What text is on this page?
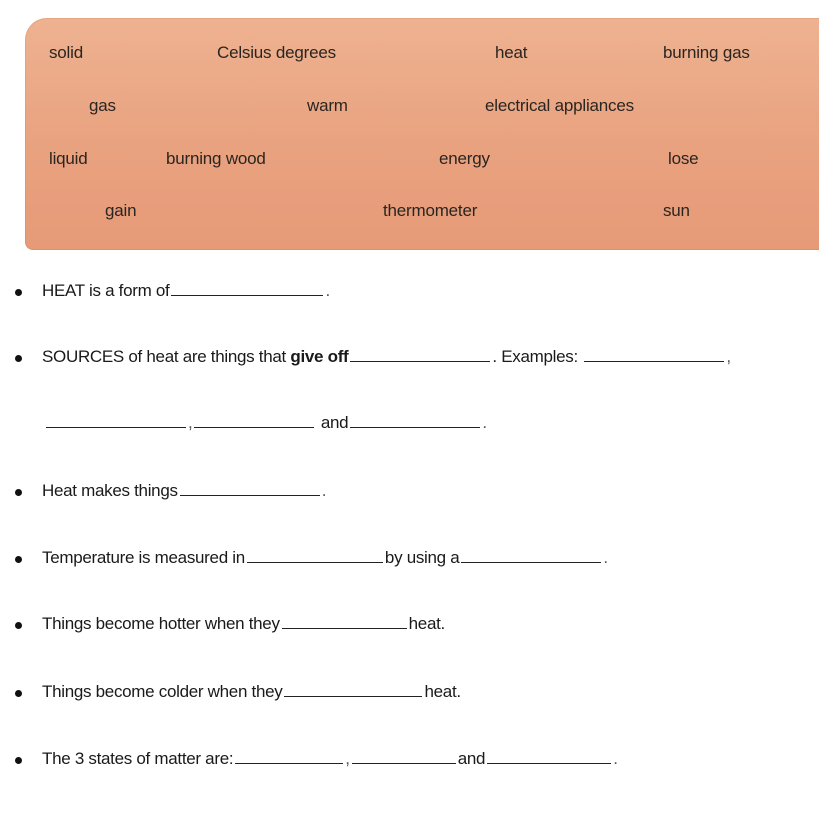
solid	Celsius degrees	heat	burning gas
gas	warm	electrical appliances
liquid	burning wood	energy	lose
gain	thermometer	sun
HEAT is a form of	.
SOURCES of heat are things that give off	. Examples:	,
,	and	.
Heat makes things	.
Temperature is measured in	by using a	.
Things become hotter when they	heat.
Things become colder when they	heat.
The 3 states of matter are:	,	and	.
